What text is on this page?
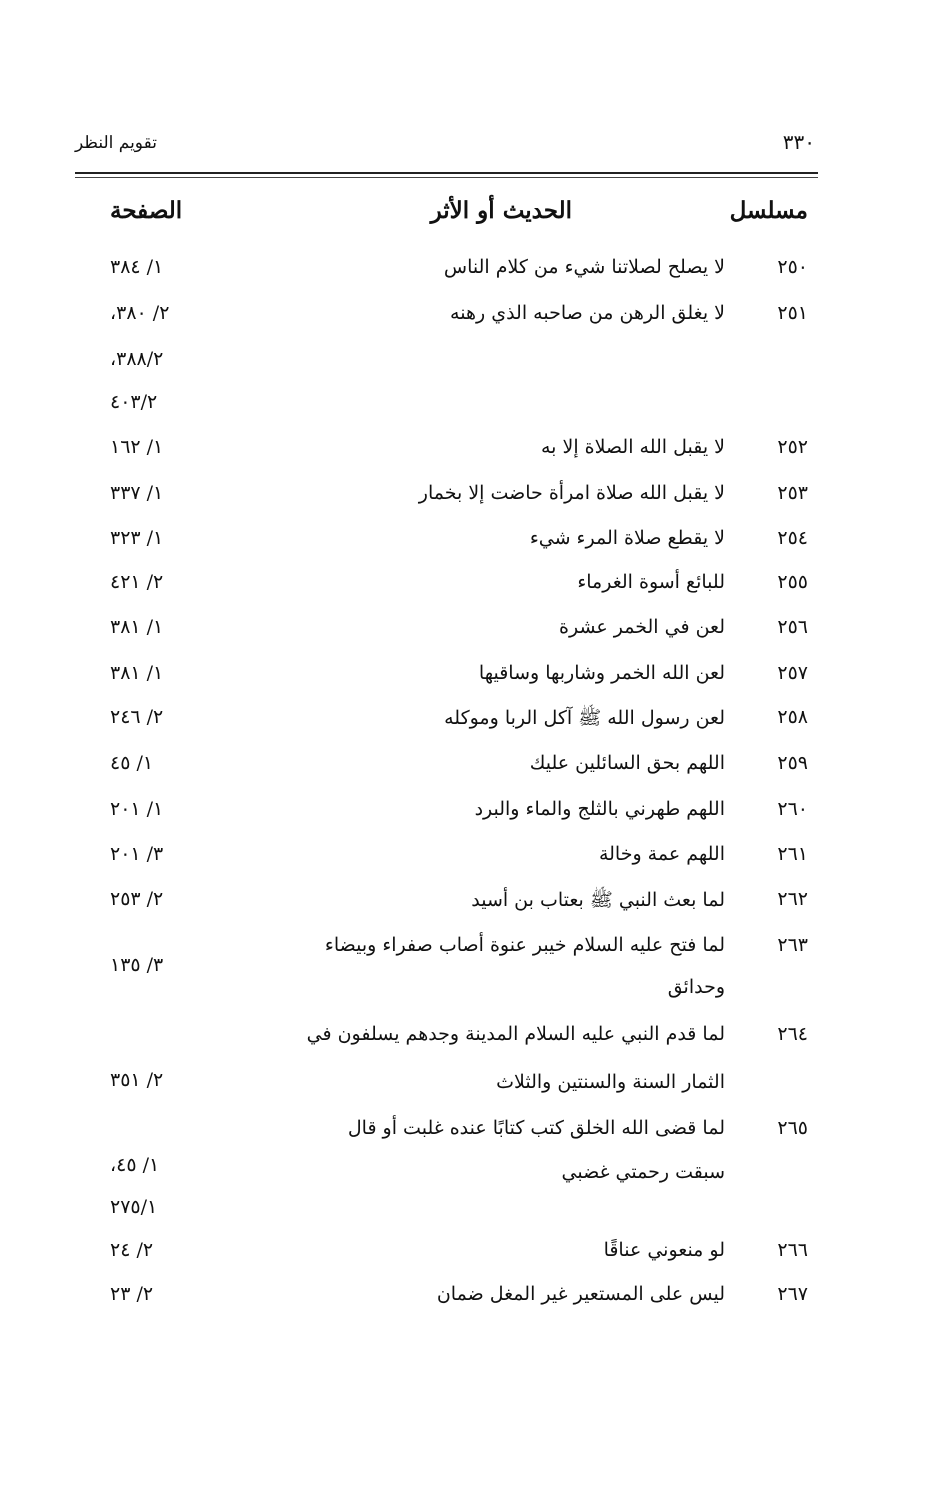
تقويم النظر	٣٣٠
مسلسل
الحديث أو الأثر
الصفحة
٢٥٠
لا يصلح لصلاتنا شيء من كلام الناس
٣٨٤ /١
٢٥١
لا يغلق الرهن من صاحبه الذي رهنه
،٣٨٠ /٢
،٣٨٨/٢
٤٠٣/٢
٢٥٢
لا يقبل الله الصلاة إلا به
١٦٢ /١
٢٥٣
لا يقبل الله صلاة امرأة حاضت إلا بخمار
٣٣٧ /١
٢٥٤
لا يقطع صلاة المرء شيء
٣٢٣ /١
٢٥٥
للبائع أسوة الغرماء
٤٢١ /٢
٢٥٦
لعن في الخمر عشرة
٣٨١ /١
٢٥٧
لعن الله الخمر وشاربها وساقيها
٣٨١ /١
٢٥٨
لعن رسول الله ﷺ آكل الربا وموكله
٢٤٦ /٢
٢٥٩
اللهم بحق السائلين عليك
٤٥ /١
٢٦٠
اللهم طهرني بالثلج والماء والبرد
٢٠١ /١
٢٦١
اللهم عمة وخالة
٢٠١ /٣
٢٦٢
لما بعث النبي ﷺ بعتاب بن أسيد
٢٥٣ /٢
٢٦٣
لما فتح عليه السلام خيبر عنوة أصاب صفراء وبيضاء
وحدائق
١٣٥ /٣
٢٦٤
لما قدم النبي عليه السلام المدينة وجدهم يسلفون في
الثمار السنة والسنتين والثلاث
٣٥١ /٢
٢٦٥
لما قضى الله الخلق كتب كتابًا عنده غلبت أو قال
سبقت رحمتي غضبي
،٤٥ /١
٢٧٥/١
٢٦٦
لو منعوني عناقًا
٢٤ /٢
٢٦٧
ليس على المستعير غير المغل ضمان
٢٣ /٢
